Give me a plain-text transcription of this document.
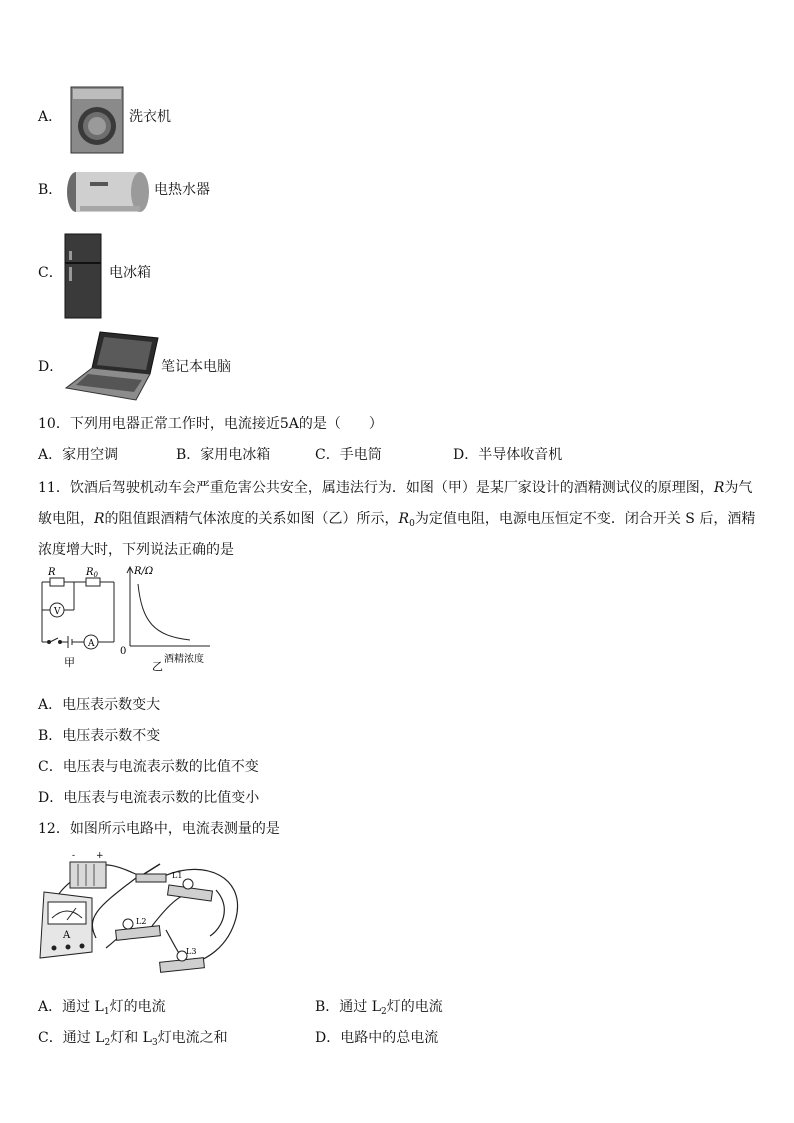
A．	洗衣机
B．	电热水器
C．	电冰箱
D．	笔记本电脑
10．下列用电器正常工作时，电流接近5A的是（　　）
A．家用空调	B．家用电冰箱	C．手电筒	D．半导体收音机
11．饮酒后驾驶机动车会严重危害公共安全，属违法行为．如图（甲）是某厂家设计的酒精测试仪的原理图，R为气
敏电阻，R的阻值跟酒精气体浓度的关系如图（乙）所示，$R_0$为定值电阻，电源电压恒定不变．闭合开关 S 后，酒精
浓度增大时，下列说法正确的是
R	$R_0$
V
A
甲
R/Ω
0
酒精浓度
乙
A．电压表示数变大
B．电压表示数不变
C．电压表与电流表示数的比值不变
D．电压表与电流表示数的比值变小
12．如图所示电路中，电流表测量的是
- +
L1
L2
L3
A
A．通过 $L_1$灯的电流	B．通过 $L_2$灯的电流
C．通过 $L_2$灯和 $L_3$灯电流之和	D．电路中的总电流
